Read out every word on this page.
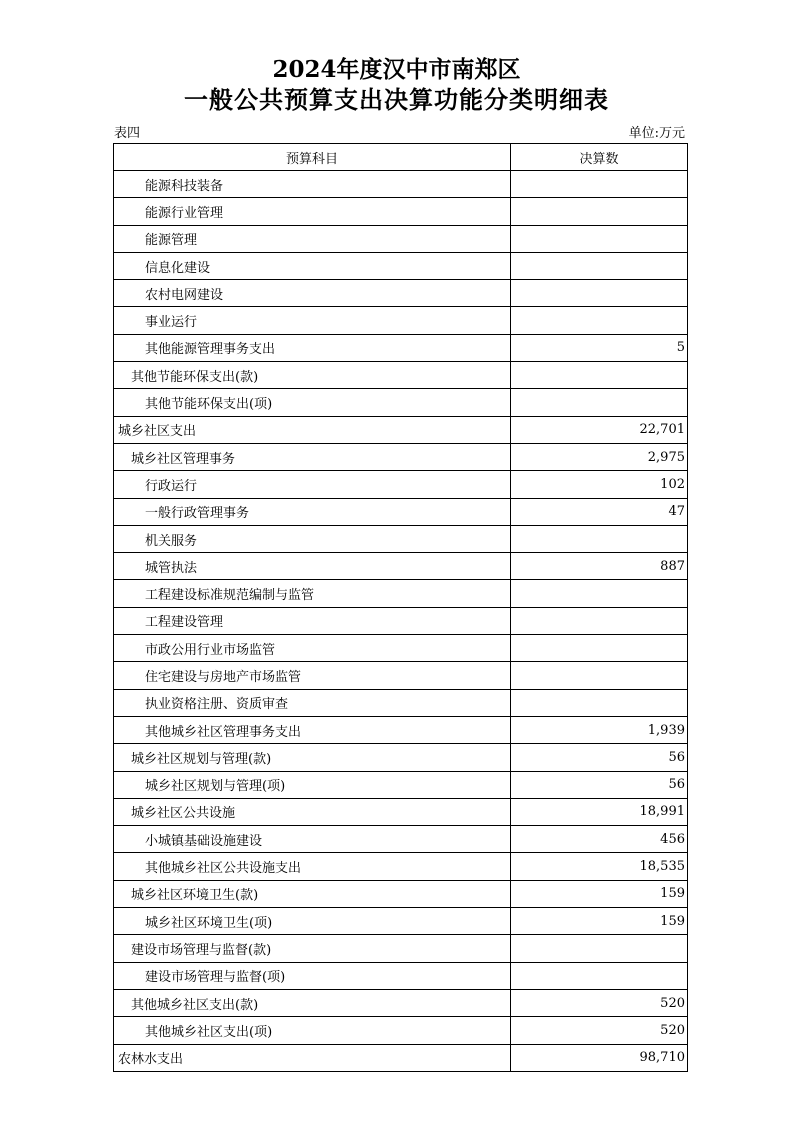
2024年度汉中市南郑区
一般公共预算支出决算功能分类明细表
表四	单位:万元
预算科目	决算数
能源科技装备	
能源行业管理	
能源管理	
信息化建设	
农村电网建设	
事业运行	
其他能源管理事务支出	5
其他节能环保支出(款)	
其他节能环保支出(项)	
城乡社区支出	22,701
城乡社区管理事务	2,975
行政运行	102
一般行政管理事务	47
机关服务	
城管执法	887
工程建设标准规范编制与监管	
工程建设管理	
市政公用行业市场监管	
住宅建设与房地产市场监管	
执业资格注册、资质审查	
其他城乡社区管理事务支出	1,939
城乡社区规划与管理(款)	56
城乡社区规划与管理(项)	56
城乡社区公共设施	18,991
小城镇基础设施建设	456
其他城乡社区公共设施支出	18,535
城乡社区环境卫生(款)	159
城乡社区环境卫生(项)	159
建设市场管理与监督(款)	
建设市场管理与监督(项)	
其他城乡社区支出(款)	520
其他城乡社区支出(项)	520
农林水支出	98,710
